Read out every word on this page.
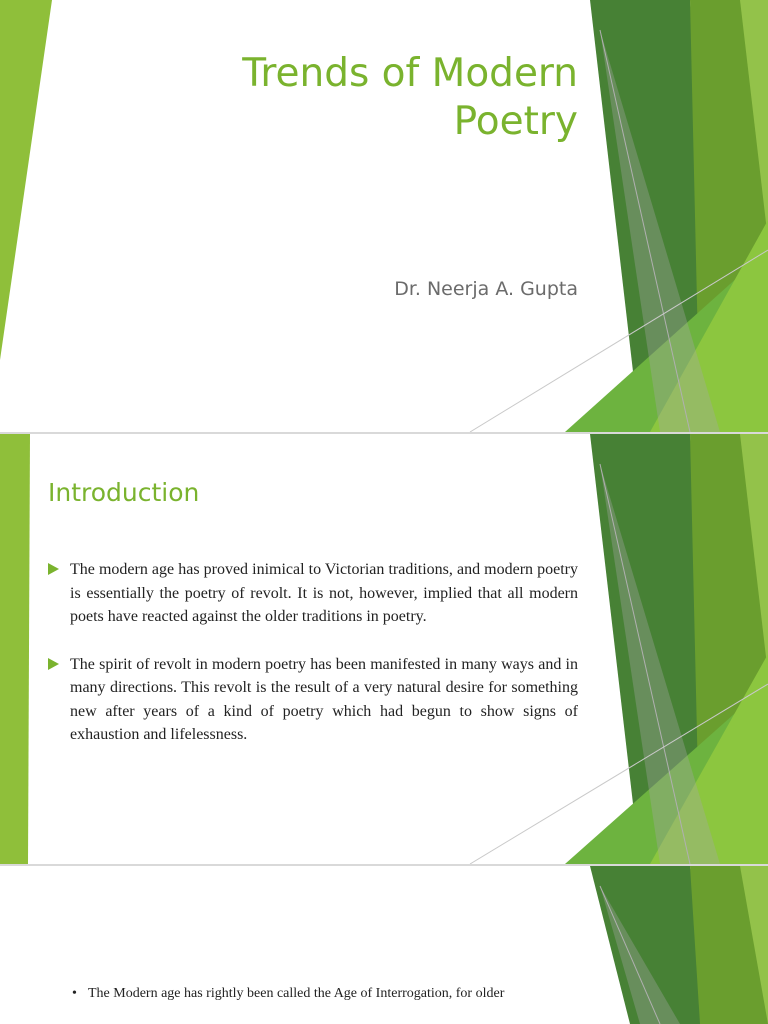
Trends of Modern
Poetry
Dr. Neerja A. Gupta
Introduction
The modern age has proved inimical to Victorian traditions, and modern poetry is essentially the poetry of revolt. It is not, however, implied that all modern poets have reacted against the older traditions in poetry.
The spirit of revolt in modern poetry has been manifested in many ways and in many directions. This revolt is the result of a very natural desire for something new after years of a kind of poetry which had begun to show signs of exhaustion and lifelessness.
• The Modern age has rightly been called the Age of Interrogation, for older
